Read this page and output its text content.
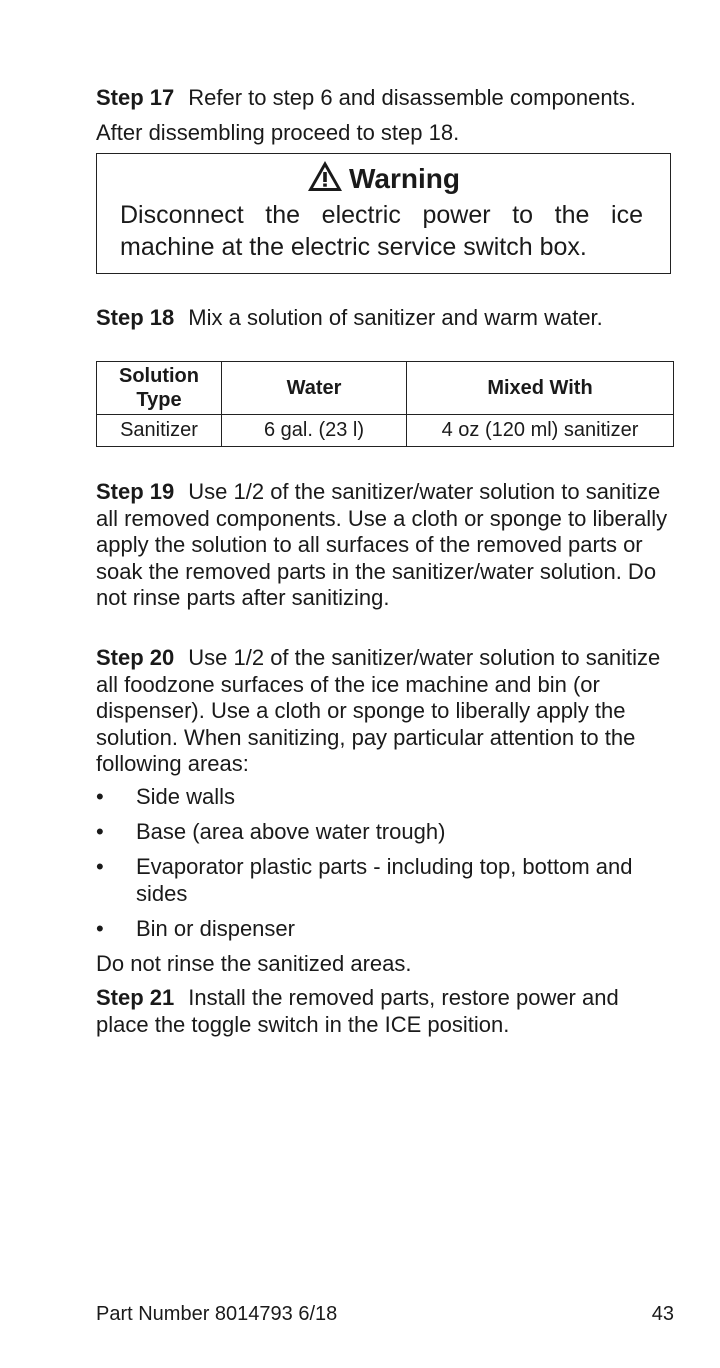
Step 17 Refer to step 6 and disassemble components. After dissembling proceed to step 18.

Warning
Disconnect the electric power to the ice machine at the electric service switch box.

Step 18 Mix a solution of sanitizer and warm water.

Solution Type	Water	Mixed With
Sanitizer	6 gal. (23 l)	4 oz (120 ml) sanitizer

Step 19 Use 1/2 of the sanitizer/water solution to sanitize all removed components. Use a cloth or sponge to liberally apply the solution to all surfaces of the removed parts or soak the removed parts in the sanitizer/water solution. Do not rinse parts after sanitizing.

Step 20 Use 1/2 of the sanitizer/water solution to sanitize all foodzone surfaces of the ice machine and bin (or dispenser). Use a cloth or sponge to liberally apply the solution. When sanitizing, pay particular attention to the following areas:

• Side walls
• Base (area above water trough)
• Evaporator plastic parts - including top, bottom and sides
• Bin or dispenser

Do not rinse the sanitized areas.

Step 21 Install the removed parts, restore power and place the toggle switch in the ICE position.

Part Number 8014793 6/18	43
